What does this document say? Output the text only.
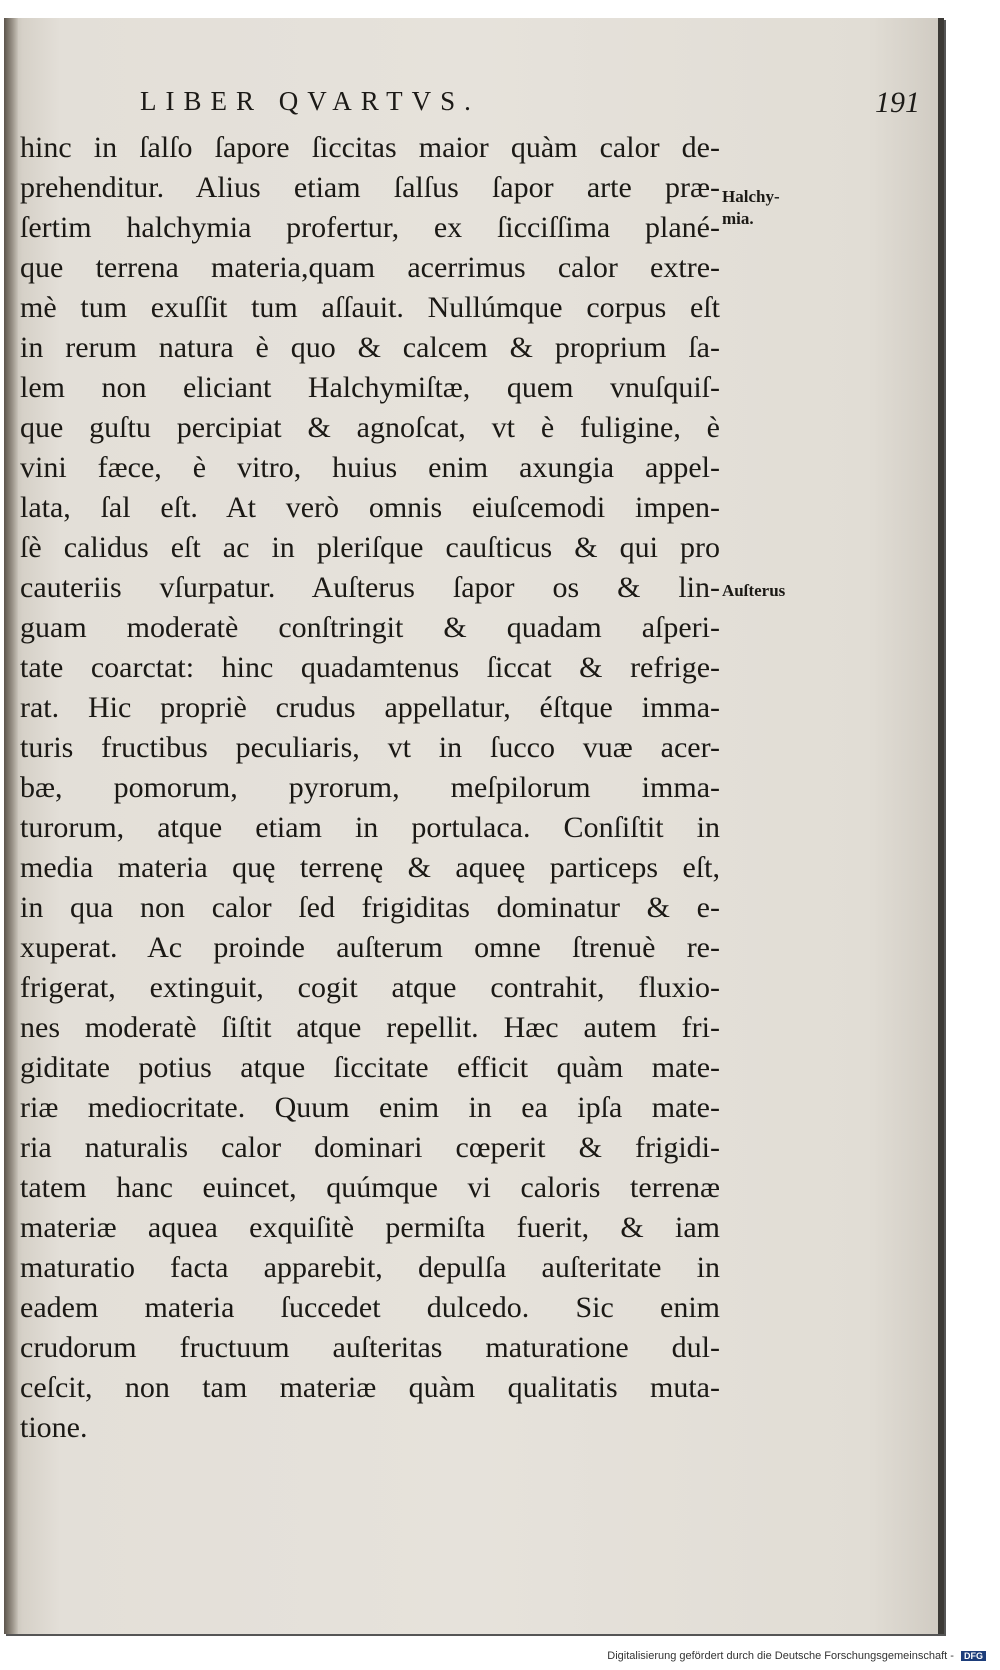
LIBER QVARTVS.	191
hinc in ſalſo ſapore ſiccitas maior quàm calor de-
prehenditur. Alius etiam ſalſus ſapor arte præ-
ſertim halchymia profertur, ex ſicciſſima plané-
que terrena materia,quam acerrimus calor extre-
mè tum exuſſit tum aſſauit. Nullúmque corpus eſt
in rerum natura è quo & calcem & proprium ſa-
lem non eliciant Halchymiſtæ, quem vnuſquiſ-
que guſtu percipiat & agnoſcat, vt è fuligine, è
vini fæce, è vitro, huius enim axungia appel-
lata, ſal eſt. At verò omnis eiuſcemodi impen-
ſè calidus eſt ac in pleriſque cauſticus & qui pro
cauteriis vſurpatur. Auſterus ſapor os & lin-
guam moderatè conſtringit & quadam aſperi-
tate coarctat: hinc quadamtenus ſiccat & refrige-
rat. Hic propriè crudus appellatur, éſtque imma-
turis fructibus peculiaris, vt in ſucco vuæ acer-
bæ, pomorum, pyrorum, meſpilorum imma-
turorum, atque etiam in portulaca. Conſiſtit in
media materia quę terrenę & aqueę particeps eſt,
in qua non calor ſed frigiditas dominatur & e-
xuperat. Ac proinde auſterum omne ſtrenuè re-
frigerat, extinguit, cogit atque contrahit, fluxio-
nes moderatè ſiſtit atque repellit. Hæc autem fri-
giditate potius atque ſiccitate efficit quàm mate-
riæ mediocritate. Quum enim in ea ipſa mate-
ria naturalis calor dominari cœperit & frigidi-
tatem hanc euincet, quúmque vi caloris terrenæ
materiæ aquea exquiſitè permiſta fuerit, & iam
maturatio facta apparebit, depulſa auſteritate in
eadem materia ſuccedet dulcedo. Sic enim
crudorum fructuum auſteritas maturatione dul-
ceſcit, non tam materiæ quàm qualitatis muta-
tione.
Halchy-
mia.
Auſterus
Digitalisierung gefördert durch die Deutsche Forschungsgemeinschaft - DFG
